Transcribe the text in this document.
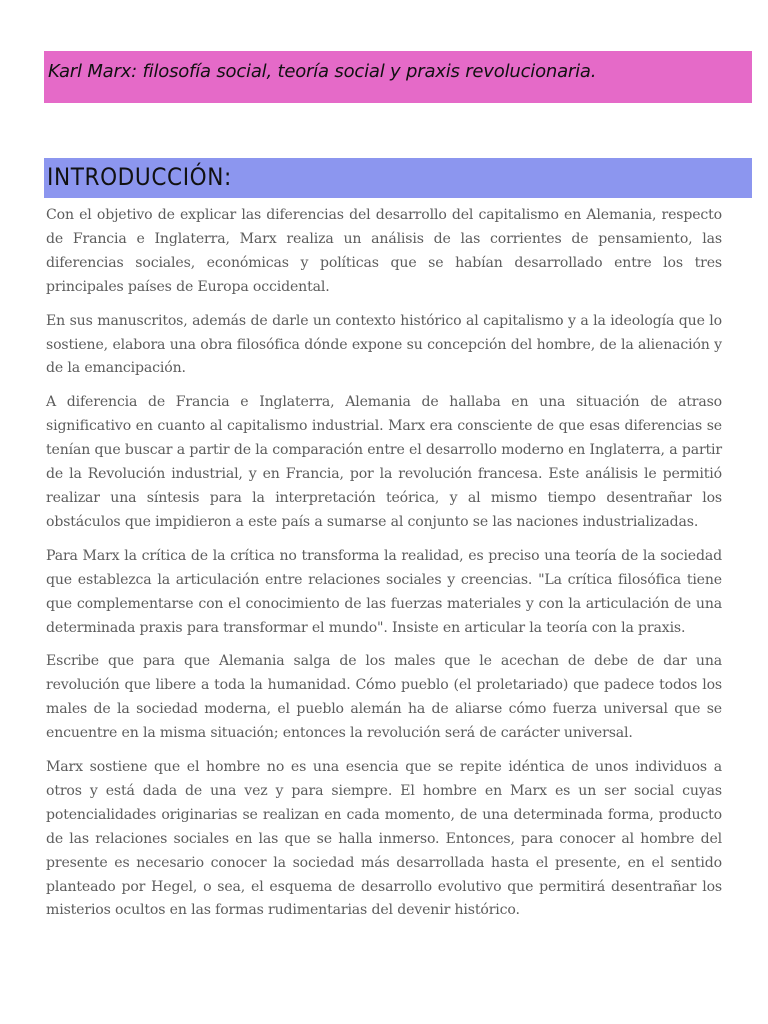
Karl Marx: filosofía social, teoría social y praxis revolucionaria.
INTRODUCCIÓN:

Con el objetivo de explicar las diferencias del desarrollo del capitalismo en Alemania, respecto de Francia e Inglaterra, Marx realiza un análisis de las corrientes de pensamiento, las diferencias sociales, económicas y políticas que se habían desarrollado entre los tres principales países de Europa occidental.

En sus manuscritos, además de darle un contexto histórico al capitalismo y a la ideología que lo sostiene, elabora una obra filosófica dónde expone su concepción del hombre, de la alienación y de la emancipación.

A diferencia de Francia e Inglaterra, Alemania de hallaba en una situación de atraso significativo en cuanto al capitalismo industrial. Marx era consciente de que esas diferencias se tenían que buscar a partir de la comparación entre el desarrollo moderno en Inglaterra, a partir de la Revolución industrial, y en Francia, por la revolución francesa. Este análisis le permitió realizar una síntesis para la interpretación teórica, y al mismo tiempo desentrañar los obstáculos que impidieron a este país a sumarse al conjunto se las naciones industrializadas.

Para Marx la crítica de la crítica no transforma la realidad, es preciso una teoría de la sociedad que establezca la articulación entre relaciones sociales y creencias. "La crítica filosófica tiene que complementarse con el conocimiento de las fuerzas materiales y con la articulación de una determinada praxis para transformar el mundo". Insiste en articular la teoría con la praxis.

Escribe que para que Alemania salga de los males que le acechan de debe de dar una revolución que libere a toda la humanidad. Cómo pueblo (el proletariado) que padece todos los males de la sociedad moderna, el pueblo alemán ha de aliarse cómo fuerza universal que se encuentre en la misma situación; entonces la revolución será de carácter universal.

Marx sostiene que el hombre no es una esencia que se repite idéntica de unos individuos a otros y está dada de una vez y para siempre. El hombre en Marx es un ser social cuyas potencialidades originarias se realizan en cada momento, de una determinada forma, producto de las relaciones sociales en las que se halla inmerso. Entonces, para conocer al hombre del presente es necesario conocer la sociedad más desarrollada hasta el presente, en el sentido planteado por Hegel, o sea, el esquema de desarrollo evolutivo que permitirá desentrañar los misterios ocultos en las formas rudimentarias del devenir histórico.
